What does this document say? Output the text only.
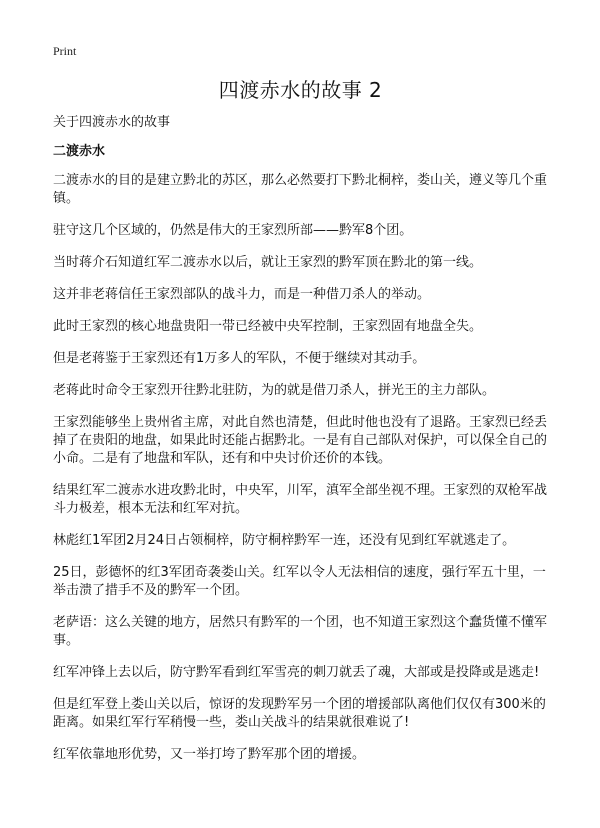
Print
四渡赤水的故事 2
关于四渡赤水的故事
二渡赤水

二渡赤水的目的是建立黔北的苏区，那么必然要打下黔北桐梓，娄山关，遵义等几个重镇。

驻守这几个区域的，仍然是伟大的王家烈所部——黔军8个团。

当时蒋介石知道红军二渡赤水以后，就让王家烈的黔军顶在黔北的第一线。

这并非老蒋信任王家烈部队的战斗力，而是一种借刀杀人的举动。

此时王家烈的核心地盘贵阳一带已经被中央军控制，王家烈固有地盘全失。

但是老蒋鉴于王家烈还有1万多人的军队，不便于继续对其动手。

老蒋此时命令王家烈开往黔北驻防，为的就是借刀杀人，拼光王的主力部队。

王家烈能够坐上贵州省主席，对此自然也清楚，但此时他也没有了退路。王家烈已经丢掉了在贵阳的地盘，如果此时还能占据黔北。一是有自己部队对保护，可以保全自己的小命。二是有了地盘和军队，还有和中央讨价还价的本钱。

结果红军二渡赤水进攻黔北时，中央军，川军，滇军全部坐视不理。王家烈的双枪军战斗力极差，根本无法和红军对抗。

林彪红1军团2月24日占领桐梓，防守桐梓黔军一连，还没有见到红军就逃走了。

25日，彭德怀的红3军团奇袭娄山关。红军以令人无法相信的速度，强行军五十里，一举击溃了措手不及的黔军一个团。

老萨语：这么关键的地方，居然只有黔军的一个团，也不知道王家烈这个蠢货懂不懂军事。

红军冲锋上去以后，防守黔军看到红军雪亮的刺刀就丢了魂，大部或是投降或是逃走!

但是红军登上娄山关以后，惊讶的发现黔军另一个团的增援部队离他们仅仅有300米的距离。如果红军行军稍慢一些，娄山关战斗的结果就很难说了!

红军依靠地形优势，又一举打垮了黔军那个团的增援。
